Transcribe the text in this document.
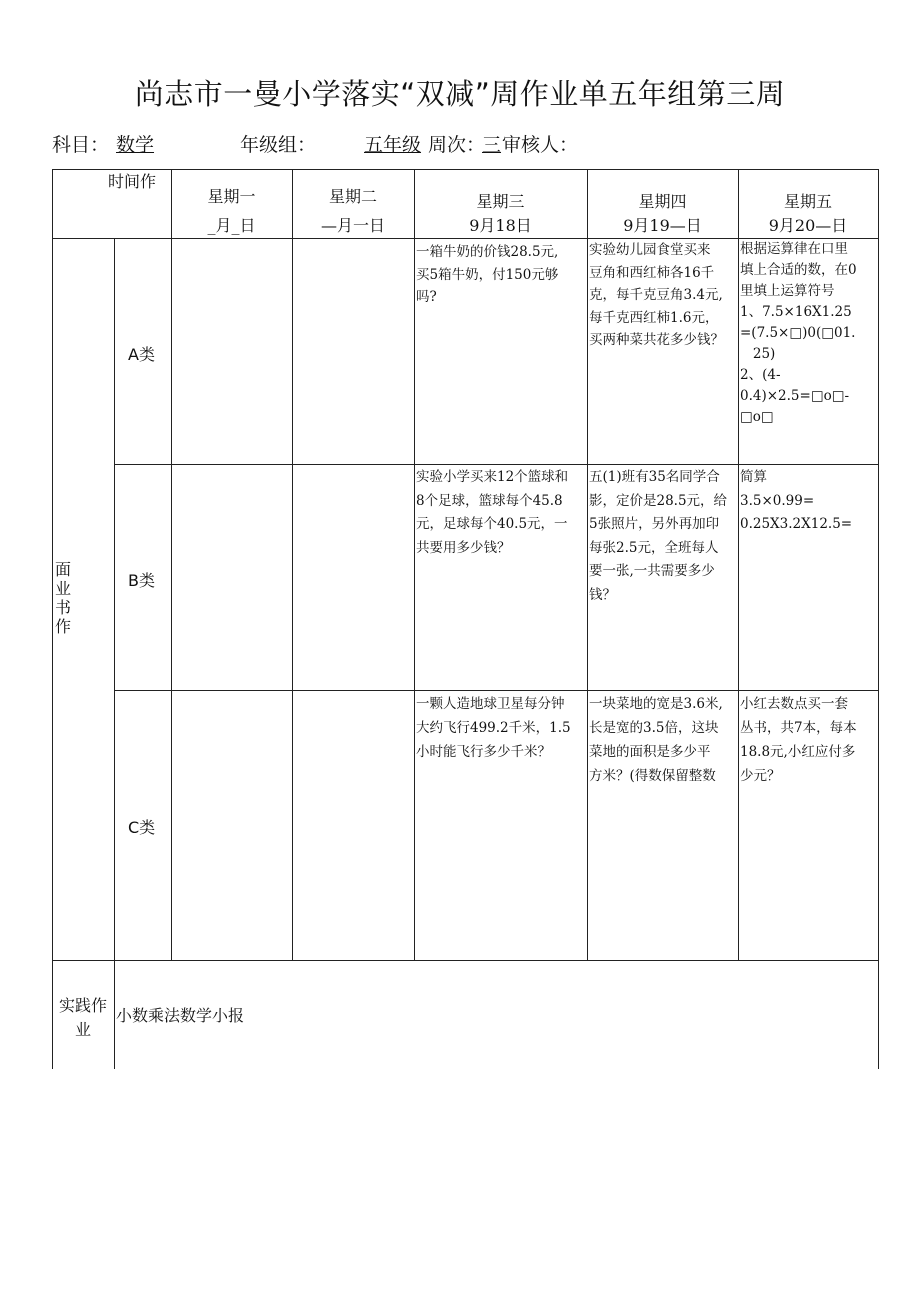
尚志市一曼小学落实“双减”周作业单五年组第三周
科目： 数学	年级组：	五年级 周次：
三 审核人：
时间作
星期一
_月_日
星期二
—月一日
星期三
9月18日
星期四
9月19—日
星期五
9月20—日
面
业
书
作
A类
B类
C类
一箱牛奶的价钱28.5元,
买5箱牛奶，付150元够
吗?
实验幼儿园食堂买来
豆角和西红柿各16千
克，每千克豆角3.4元,
每千克西红柿1.6元，
买两种菜共花多少钱？
根据运算律在口里
填上合适的数，在0
里填上运算符号
1、7.5×16X1.25
=(7.5×□)0(□01.
25)
2、(4-
0.4)×2.5=□o□-
□o□
实验小学买来12个篮球和
8个足球，篮球每个45.8
元，足球每个40.5元，一
共要用多少钱？
五(1)班有35名同学合
影，定价是28.5元，给
5张照片，另外再加印
每张2.5元，全班每人
要一张,一共需要多少
钱？
简算
3.5×0.99=
0.25X3.2X12.5=
一颗人造地球卫星每分钟
大约飞行499.2千米，1.5
小时能飞行多少千米？
一块菜地的宽是3.6米,
长是宽的3.5倍，这块
菜地的面积是多少平
方米？(得数保留整数
小红去数点买一套
丛书，共7本，每本
18.8元,小红应付多
少元？
实践作
业
小数乘法数学小报
